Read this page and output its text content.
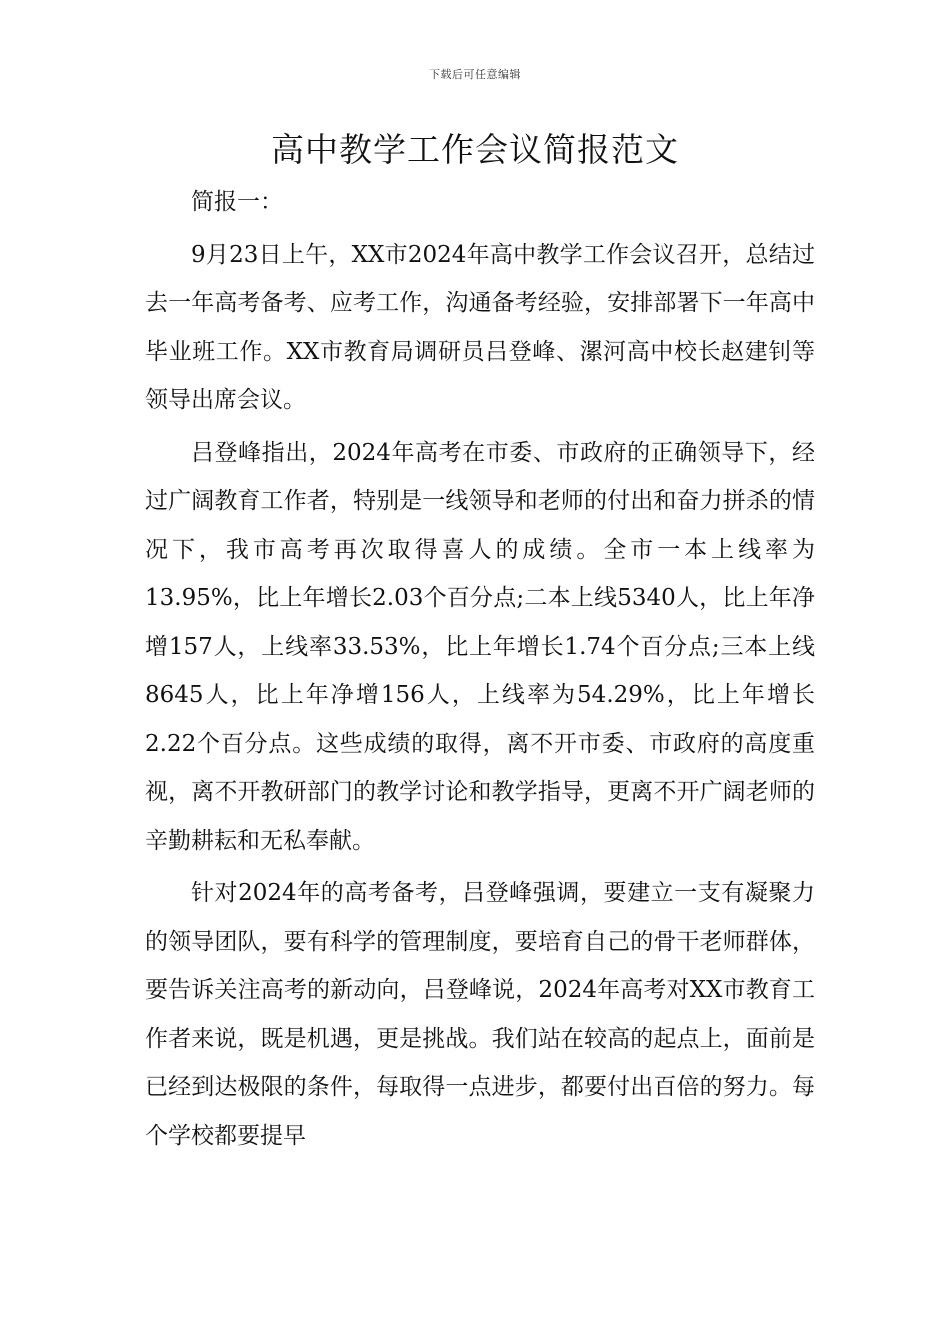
下载后可任意编辑
高中教学工作会议简报范文

简报一：

9月23日上午，XX市2024年高中教学工作会议召开，总结过去一年高考备考、应考工作，沟通备考经验，安排部署下一年高中毕业班工作。XX市教育局调研员吕登峰、漯河高中校长赵建钊等领导出席会议。

吕登峰指出，2024年高考在市委、市政府的正确领导下，经过广阔教育工作者，特别是一线领导和老师的付出和奋力拼杀的情况下，我市高考再次取得喜人的成绩。全市一本上线率为13.95%，比上年增长2.03个百分点;二本上线5340人，比上年净增157人，上线率33.53%，比上年增长1.74个百分点;三本上线8645人，比上年净增156人，上线率为54.29%，比上年增长2.22个百分点。这些成绩的取得，离不开市委、市政府的高度重视，离不开教研部门的教学讨论和教学指导，更离不开广阔老师的辛勤耕耘和无私奉献。

针对2024年的高考备考，吕登峰强调，要建立一支有凝聚力的领导团队，要有科学的管理制度，要培育自己的骨干老师群体，要告诉关注高考的新动向，吕登峰说，2024年高考对XX市教育工作者来说，既是机遇，更是挑战。我们站在较高的起点上，面前是已经到达极限的条件，每取得一点进步，都要付出百倍的努力。每个学校都要提早
